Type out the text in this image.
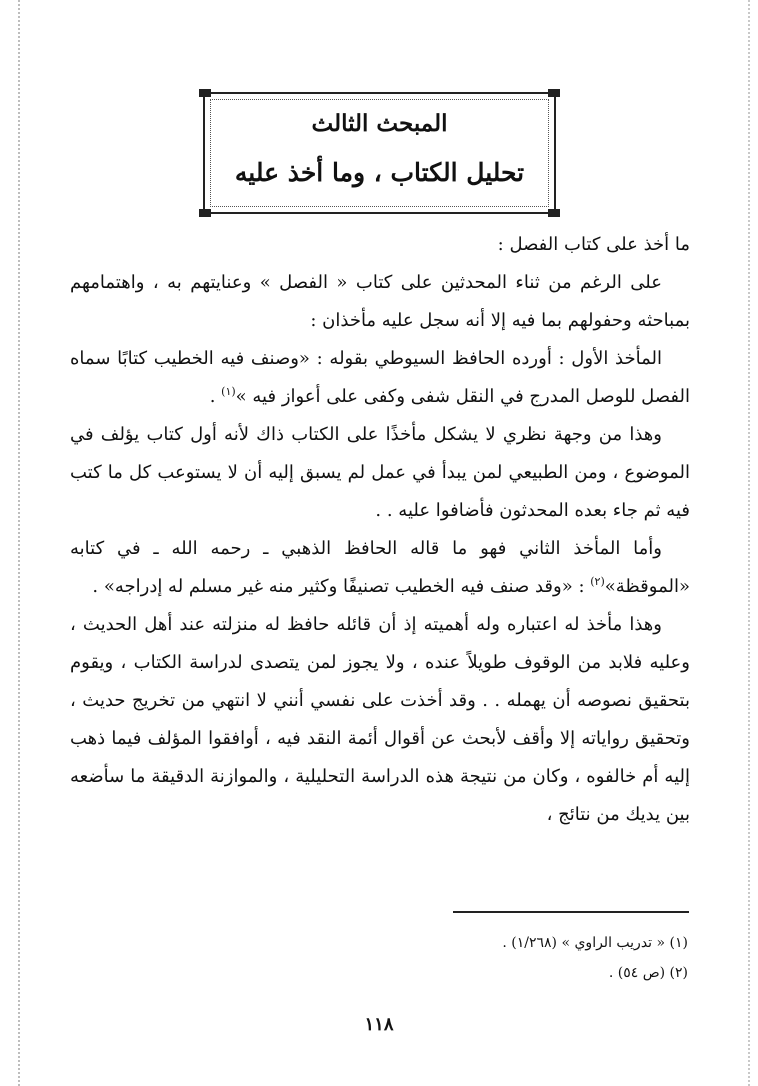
المبحث الثالث
تحليل الكتاب ، وما أخذ عليه

ما أخذ على كتاب الفصل :

على الرغم من ثناء المحدثين على كتاب « الفصل » وعنايتهم به ، واهتمامهم بمباحثه وحفولهم بما فيه إلا أنه سجل عليه مأخذان :

المأخذ الأول : أورده الحافظ السيوطي بقوله : «وصنف فيه الخطيب كتابًا سماه الفصل للوصل المدرج في النقل شفى وكفى على أعواز فيه »$^{(١)}$ .

وهذا من وجهة نظري لا يشكل مأخذًا على الكتاب ذاك لأنه أول كتاب يؤلف في الموضوع ، ومن الطبيعي لمن يبدأ في عمل لم يسبق إليه أن لا يستوعب كل ما كتب فيه ثم جاء بعده المحدثون فأضافوا عليه . .

وأما المأخذ الثاني فهو ما قاله الحافظ الذهبي ـ رحمه الله ـ في كتابه «الموقظة»$^{(٢)}$ : «وقد صنف فيه الخطيب تصنيفًا وكثير منه غير مسلم له إدراجه» .

وهذا مأخذ له اعتباره وله أهميته إذ أن قائله حافظ له منزلته عند أهل الحديث ، وعليه فلابد من الوقوف طويلاً عنده ، ولا يجوز لمن يتصدى لدراسة الكتاب ، ويقوم بتحقيق نصوصه أن يهمله . . وقد أخذت على نفسي أنني لا انتهي من تخريج حديث ، وتحقيق رواياته إلا وأقف لأبحث عن أقوال أئمة النقد فيه ، أوافقوا المؤلف فيما ذهب إليه أم خالفوه ، وكان من نتيجة هذه الدراسة التحليلية ، والموازنة الدقيقة ما سأضعه بين يديك من نتائج ،

(١) « تدريب الراوي » (١/٢٦٨) .

(٢) (ص ٥٤) .

١١٨
